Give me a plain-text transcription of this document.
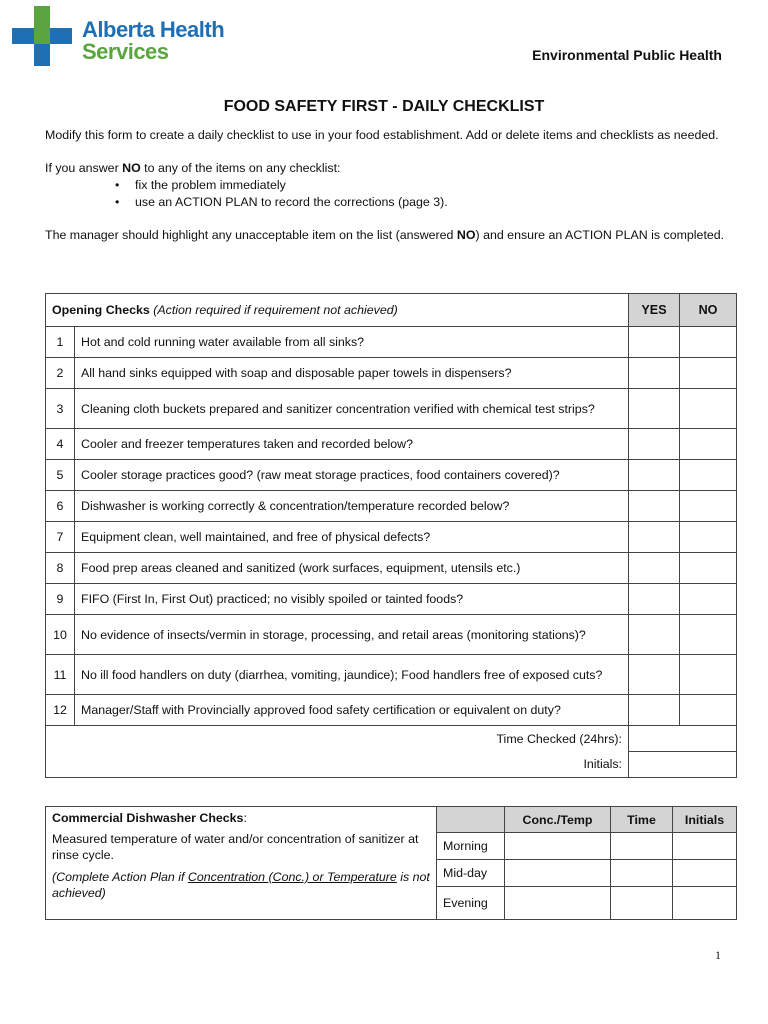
Alberta Health
Services	Environmental Public Health
FOOD SAFETY FIRST - DAILY CHECKLIST

Modify this form to create a daily checklist to use in your food establishment. Add or delete items and checklists as needed.

If you answer NO to any of the items on any checklist:

• fix the problem immediately
• use an ACTION PLAN to record the corrections (page 3).

The manager should highlight any unacceptable item on the list (answered NO) and ensure an ACTION PLAN is completed.

Opening Checks (Action required if requirement not achieved)		YES	NO
1	Hot and cold running water available from all sinks?		
2	All hand sinks equipped with soap and disposable paper towels in dispensers?		
3	Cleaning cloth buckets prepared and sanitizer concentration verified with chemical test strips?		
4	Cooler and freezer temperatures taken and recorded below?		
5	Cooler storage practices good? (raw meat storage practices, food containers covered)?		
6	Dishwasher is working correctly & concentration/temperature recorded below?		
7	Equipment clean, well maintained, and free of physical defects?		
8	Food prep areas cleaned and sanitized (work surfaces, equipment, utensils etc.)		
9	FIFO (First In, First Out) practiced; no visibly spoiled or tainted foods?		
10	No evidence of insects/vermin in storage, processing, and retail areas (monitoring stations)?		
11	No ill food handlers on duty (diarrhea, vomiting, jaundice); Food handlers free of exposed cuts?		
12	Manager/Staff with Provincially approved food safety certification or equivalent on duty?		
Time Checked (24hrs):			
Initials:			

Commercial Dishwasher Checks:

Measured temperature of water and/or concentration of sanitizer at rinse cycle.

(Complete Action Plan if Concentration (Conc.) or Temperature is not achieved)		Conc./Temp	Time	Initials
	Morning			
	Mid-day			
	Evening			
1
